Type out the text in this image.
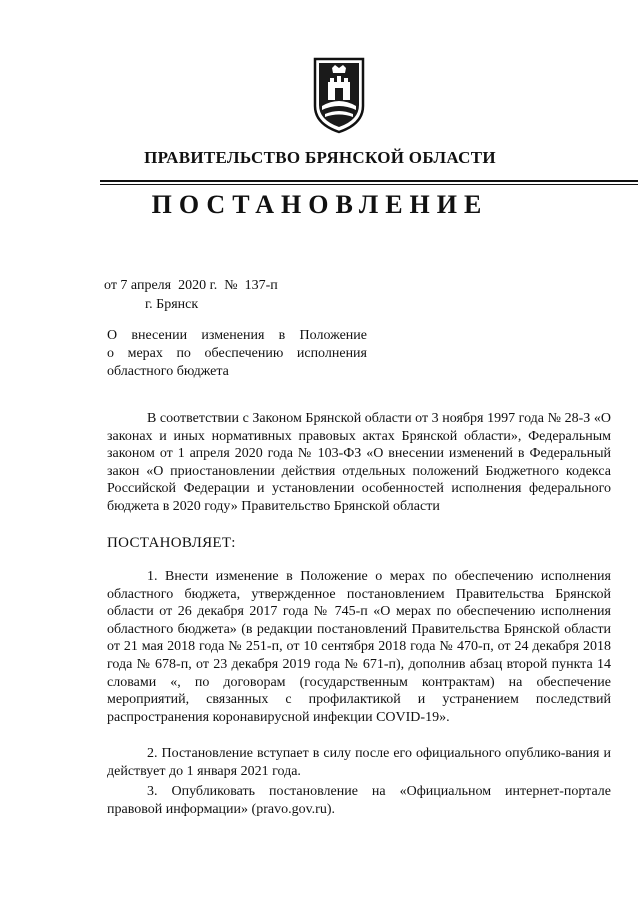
ПРАВИТЕЛЬСТВО БРЯНСКОЙ ОБЛАСТИ
ПОСТАНОВЛЕНИЕ
от 7 апреля  2020 г.  №  137-п
г. Брянск
О внесении изменения в Положение
о мерах по обеспечению исполнения
областного бюджета
В соответствии с Законом Брянской области от 3 ноября 1997 года № 28-З «О законах и иных нормативных правовых актах Брянской области», Федеральным законом от 1 апреля 2020 года № 103-ФЗ «О внесении изменений в Федеральный закон «О приостановлении действия отдельных положений Бюджетного кодекса Российской Федерации и установлении особенностей исполнения федерального бюджета в 2020 году» Правительство Брянской области
ПОСТАНОВЛЯЕТ:
1. Внести изменение в Положение о мерах по обеспечению исполнения областного бюджета, утвержденное постановлением Правительства Брянской области от 26 декабря 2017 года № 745-п «О мерах по обеспечению исполнения областного бюджета» (в редакции постановлений Правительства Брянской области от 21 мая 2018 года № 251-п, от 10 сентября 2018 года № 470-п, от 24 декабря 2018 года № 678-п, от 23 декабря 2019 года № 671-п), дополнив абзац второй пункта 14 словами «, по договорам (государственным контрактам) на обеспечение мероприятий, связанных с профилактикой и устранением последствий распространения коронавирусной инфекции COVID-19».
2. Постановление вступает в силу после его официального опублико-вания и действует до 1 января 2021 года.
3. Опубликовать постановление на «Официальном интернет-портале правовой информации» (pravo.gov.ru).
